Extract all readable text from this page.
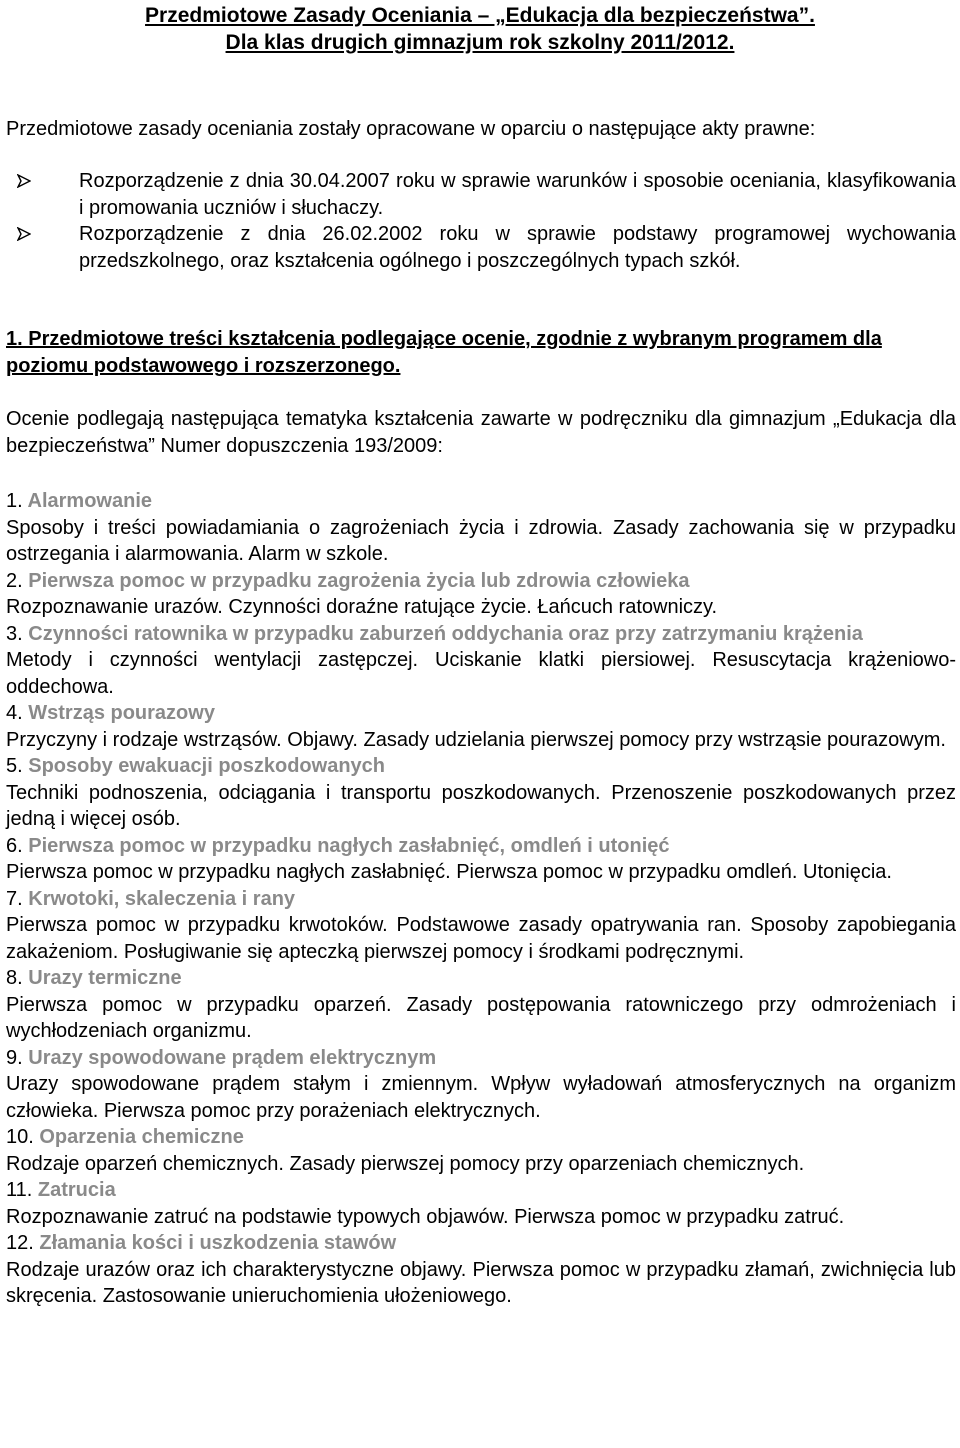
Przedmiotowe Zasady Oceniania – „Edukacja dla bezpieczeństwa”.
Dla klas drugich gimnazjum rok szkolny 2011/2012.

Przedmiotowe zasady oceniania zostały opracowane w oparciu o następujące akty prawne:

Rozporządzenie z dnia 30.04.2007 roku w sprawie warunków i sposobie oceniania, klasyfikowania i promowania uczniów i słuchaczy.
Rozporządzenie z dnia 26.02.2002 roku w sprawie podstawy programowej wychowania przedszkolnego, oraz kształcenia ogólnego i poszczególnych typach szkół.
1. Przedmiotowe treści kształcenia podlegające ocenie, zgodnie z wybranym programem dla poziomu podstawowego i rozszerzonego.

Ocenie podlegają następująca tematyka kształcenia zawarte w podręczniku dla gimnazjum „Edukacja dla bezpieczeństwa” Numer dopuszczenia 193/2009:

1. Alarmowanie

Sposoby i treści powiadamiania o zagrożeniach życia i zdrowia. Zasady zachowania się w przypadku ostrzegania i alarmowania. Alarm w szkole.

2. Pierwsza pomoc w przypadku zagrożenia życia lub zdrowia człowieka

Rozpoznawanie urazów. Czynności doraźne ratujące życie. Łańcuch ratowniczy.

3. Czynności ratownika w przypadku zaburzeń oddychania oraz przy zatrzymaniu krążenia

Metody i czynności wentylacji zastępczej. Uciskanie klatki piersiowej. Resuscytacja krążeniowo-oddechowa.

4. Wstrząs pourazowy

Przyczyny i rodzaje wstrząsów. Objawy. Zasady udzielania pierwszej pomocy przy wstrząsie pourazowym.

5. Sposoby ewakuacji poszkodowanych

Techniki podnoszenia, odciągania i transportu poszkodowanych. Przenoszenie poszkodowanych przez jedną i więcej osób.

6. Pierwsza pomoc w przypadku nagłych zasłabnięć, omdleń i utonięć

Pierwsza pomoc w przypadku nagłych zasłabnięć. Pierwsza pomoc w przypadku omdleń. Utonięcia.

7. Krwotoki, skaleczenia i rany

Pierwsza pomoc w przypadku krwotoków. Podstawowe zasady opatrywania ran. Sposoby zapobiegania zakażeniom. Posługiwanie się apteczką pierwszej pomocy i środkami podręcznymi.

8. Urazy termiczne

Pierwsza pomoc w przypadku oparzeń. Zasady postępowania ratowniczego przy odmrożeniach i wychłodzeniach organizmu.

9. Urazy spowodowane prądem elektrycznym

Urazy spowodowane prądem stałym i zmiennym. Wpływ wyładowań atmosferycznych na organizm człowieka. Pierwsza pomoc przy porażeniach elektrycznych.

10. Oparzenia chemiczne

Rodzaje oparzeń chemicznych. Zasady pierwszej pomocy przy oparzeniach chemicznych.

11. Zatrucia

Rozpoznawanie zatruć na podstawie typowych objawów. Pierwsza pomoc w przypadku zatruć.

12. Złamania kości i uszkodzenia stawów

Rodzaje urazów oraz ich charakterystyczne objawy. Pierwsza pomoc w przypadku złamań, zwichnięcia lub skręcenia. Zastosowanie unieruchomienia ułożeniowego.
